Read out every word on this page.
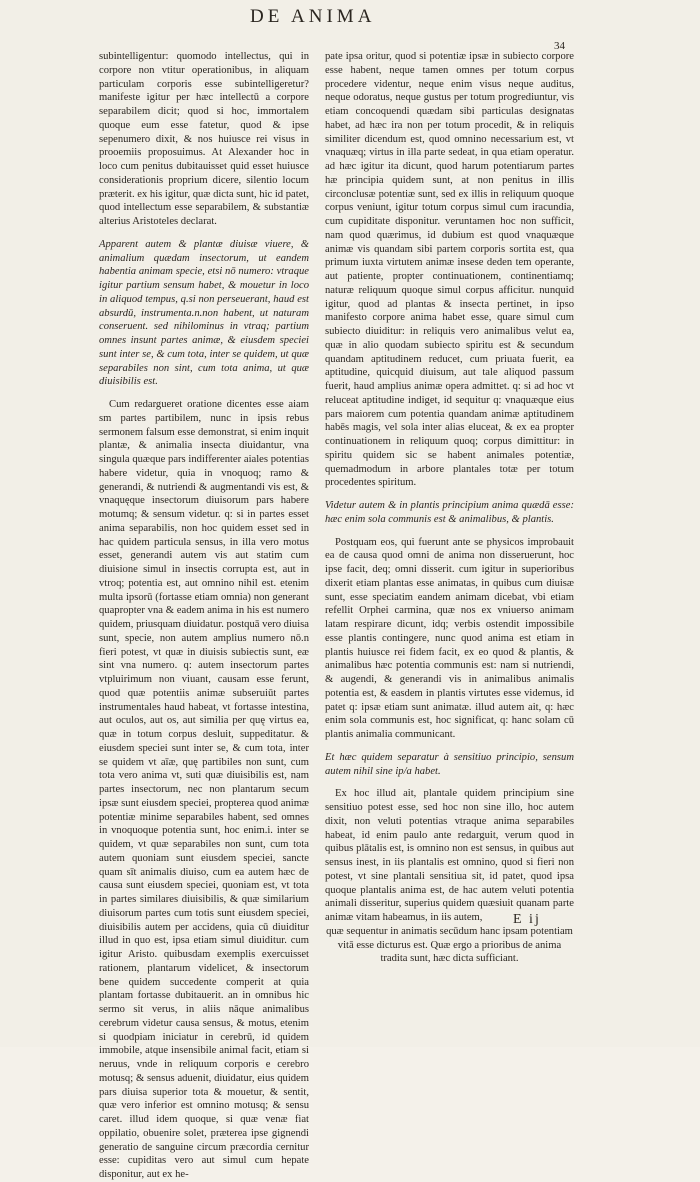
DE ANIMA
34

subintelligentur: quomodo intellectus, qui in corpore non vtitur operationibus, in aliquam particulam corporis esse subintelligeretur? manifeste igitur per hæc intellectū a corpore separabilem dicit; quod si hoc, immortalem quoque eum esse fatetur, quod & ipse sepenumero dixit, & nos huiusce rei visus in prooemiis proposuimus. At Alexander hoc in loco cum penitus dubitauisset quid esset huiusce considerationis proprium dicere, silentio locum præterit. ex his igitur, quæ dicta sunt, hic id patet, quod intellectum esse separabilem, & substantiæ alterius Aristoteles declarat.

Apparent autem & plantæ diuisæ viuere, & animalium quædam insectorum, ut eandem habentia animam specie, etsi nō numero: vtraque igitur partium sensum habet, & mouetur in loco in aliquod tempus, q.si non perseuerant, haud est absurdū, instrumenta.n.non habent, ut naturam conseruent. sed nihilominus in vtraq; partium omnes insunt partes animæ, & eiusdem speciei sunt inter se, & cum tota, inter se quidem, ut quæ separabiles non sint, cum tota anima, ut quæ diuisibilis est.

Cum redargueret oratione dicentes esse aiam sm partes partibilem, nunc in ipsis rebus sermonem falsum esse demonstrat, si enim inquit plantæ, & animalia insecta diuidantur, vna singula quæque pars indifferenter aiales potentias habere videtur, quia in vnoquoq; ramo & generandi, & nutriendi & augmentandi vis est, & vnaquęque insectorum diuisorum pars habere motumq; & sensum videtur. q: si in partes esset anima separabilis, non hoc quidem esset sed in hac quidem particula sensus, in illa vero motus esset, generandi autem vis aut statim cum diuisione simul in insectis corrupta est, aut in vtroq; potentia est, aut omnino nihil est. etenim multa ipsorū (fortasse etiam omnia) non generant quapropter vna & eadem anima in his est numero quidem, priusquam diuidatur. postquā vero diuisa sunt, specie, non autem amplius numero nō.n fieri potest, vt quæ in diuisis subiectis sunt, eæ sint vna numero. q: autem insectorum partes vtpluirimum non viuant, causam esse ferunt, quod quæ potentiis animæ subseruiūt partes instrumentales haud habeat, vt fortasse intestina, aut oculos, aut os, aut similia per quę virtus ea, quæ in totum corpus desluit, suppeditatur. & eiusdem speciei sunt inter se, & cum tota, inter se quidem vt aīæ, quę partibiles non sunt, cum tota vero anima vt, suti quæ diuisibilis est, nam partes insectorum, nec non plantarum secum ipsæ sunt eiusdem speciei, propterea quod animæ potentiæ minime separabiles habent, sed omnes in vnoquoque potentia sunt, hoc enim.i. inter se quidem, vt quæ separabiles non sunt, cum tota autem quoniam sunt eiusdem speciei, sancte quam sīt animalis diuiso, cum ea autem hæc de causa sunt eiusdem speciei, quoniam est, vt tota in partes similares diuisibilis, & quæ similarium diuisorum partes cum totis sunt eiusdem speciei, diuisibilis autem per accidens, quia cū diuiditur illud in quo est, ipsa etiam simul diuiditur. cum igitur Aristo. quibusdam exemplis exercuisset rationem, plantarum videlicet, & insectorum bene quidem succedente comperit at quia plantam fortasse dubitauerit. an in omnibus hic sermo sit verus, in aliis nāque animalibus cerebrum videtur causa sensus, & motus, etenim si quodpiam iniciatur in cerebrū, id quidem immobile, atque insensibile animal facit, etiam si neruus, vnde in reliquum corporis e cerebro motusq; & sensus aduenit, diuidatur, eius quidem pars diuisa superior tota & mouetur, & sentit, quæ vero inferior est omnino motusq; & sensu caret. illud idem quoque, si quæ venæ fiat oppilatio, obuenire solet, præterea ipse gignendi generatio de sanguine circum præcordia cernitur esse: cupiditas vero aut simul cum hepate disponitur, aut ex he-

pate ipsa oritur, quod si potentiæ ipsæ in subiecto corpore esse habent, neque tamen omnes per totum corpus procedere videntur, neque enim visus neque auditus, neque odoratus, neque gustus per totum progrediuntur, vis etiam concoquendi quædam sibi particulas designatas habet, ad hæc ira non per totum procedit, & in reliquis similiter dicendum est, quod omnino necessarium est, vt vnaquæq; virtus in illa parte sedeat, in qua etiam operatur. ad hæc igitur ita dicunt, quod harum potentiarum partes hæ principia quidem sunt, at non penitus in illis circonclusæ potentiæ sunt, sed ex illis in reliquum quoque corpus veniunt, igitur totum corpus simul cum iracundia, cum cupiditate disponitur. veruntamen hoc non sufficit, nam quod quærimus, id dubium est quod vnaquæque animæ vis quandam sibi partem corporis sortita est, qua primum iuxta virtutem animæ insese deden tem operante, aut patiente, propter continuationem, continentiamq; naturæ reliquum quoque simul corpus afficitur. nunquid igitur, quod ad plantas & insecta pertinet, in ipso manifesto corpore anima habet esse, quare simul cum subiecto diuiditur: in reliquis vero animalibus velut ea, quæ in alio quodam subiecto spiritu est & secundum quandam aptitudinem reducet, cum priuata fuerit, ea aptitudine, quicquid diuisum, aut tale aliquod passum fuerit, haud amplius animæ opera admittet. q: si ad hoc vt reluceat aptitudine indiget, id sequitur q: vnaquæque eius pars maiorem cum potentia quandam animæ aptitudinem habēs magis, vel sola inter alias eluceat, & ex ea propter continuationem in reliquum quoq; corpus dimittitur: in spiritu quidem sic se habent animales potentiæ, quemadmodum in arbore plantales totæ per totum procedentes spiritum.

Videtur autem & in plantis principium anima quædā esse: hæc enim sola communis est & animalibus, & plantis.

Postquam eos, qui fuerunt ante se physicos improbauit ea de causa quod omni de anima non disseruerunt, hoc ipse facit, deq; omni disserit. cum igitur in superioribus dixerit etiam plantas esse animatas, in quibus cum diuisæ sunt, esse speciatim eandem animam dicebat, vbi etiam refellit Orphei carmina, quæ nos ex vniuerso animam latam respirare dicunt, idq; verbis ostendit impossibile esse plantis contingere, nunc quod anima est etiam in plantis huiusce rei fidem facit, ex eo quod & plantis, & animalibus hæc potentia communis est: nam si nutriendi, & augendi, & generandi vis in animalibus animalis potentia est, & easdem in plantis virtutes esse videmus, id patet q: ipsæ etiam sunt animatæ. illud autem ait, q: hæc enim sola communis est, hoc significat, q: hanc solam cū plantis animalia communicant.

Et hæc quidem separatur à sensitiuo principio, sensum autem nihil sine ip/a habet.

Ex hoc illud ait, plantale quidem principium sine sensitiuo potest esse, sed hoc non sine illo, hoc autem dixit, non veluti potentias vtraque anima separabiles habeat, id enim paulo ante redarguit, verum quod in quibus plātalis est, is omnino non est sensus, in quibus aut sensus inest, in iis plantalis est omnino, quod si fieri non potest, vt sine plantali sensitiua sit, id patet, quod ipsa quoque plantalis anima est, de hac autem veluti potentia animali disseritur, superius quidem quæsiuit quanam parte animæ vitam habeamus, in iis autem,

quæ sequentur in animatis secūdum hanc ipsam potentiam vitā esse dicturus est. Quæ ergo a prioribus de anima tradita sunt, hæc dicta sufficiant.

E ij
